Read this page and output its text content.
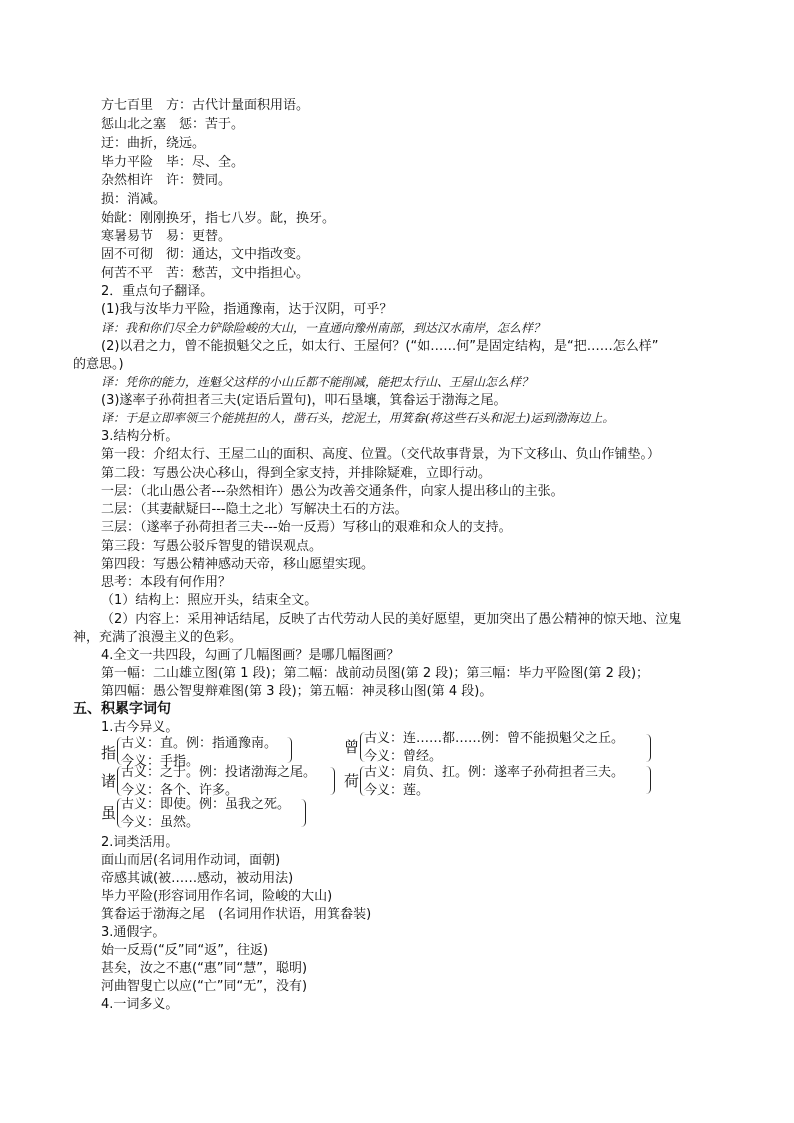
方七百里　方：古代计量面积用语。
惩山北之塞　惩：苦于。
迂：曲折，绕远。
毕力平险　毕：尽、全。
杂然相许　许：赞同。
损：消减。
始龀：刚刚换牙，指七八岁。龀，换牙。
寒暑易节　易：更替。
固不可彻　彻：通达，文中指改变。
何苦不平　苦：愁苦，文中指担心。
2．重点句子翻译。
(1)我与汝毕力平险，指通豫南，达于汉阴，可乎？
译：我和你们尽全力铲除险峻的大山，一直通向豫州南部，到达汉水南岸，怎么样？
(2)以君之力，曾不能损魁父之丘，如太行、王屋何？(“如……何”是固定结构，是“把……怎么样”
的意思。)
译：凭你的能力，连魁父这样的小山丘都不能削减，能把太行山、王屋山怎么样？
(3)遂率子孙荷担者三夫(定语后置句)，叩石垦壤，箕畚运于渤海之尾。
译：于是立即率领三个能挑担的人，凿石头，挖泥土，用箕畚(将这些石头和泥土)运到渤海边上。
3.结构分析。
第一段：介绍太行、王屋二山的面积、高度、位置。（交代故事背景，为下文移山、负山作铺垫。）
第二段：写愚公决心移山，得到全家支持，并排除疑难，立即行动。
一层：（北山愚公者---杂然相许）愚公为改善交通条件，向家人提出移山的主张。
二层：（其妻献疑曰---隐土之北）写解决土石的方法。
三层：（遂率子孙荷担者三夫---始一反焉）写移山的艰难和众人的支持。
第三段：写愚公驳斥智叟的错误观点。
第四段：写愚公精神感动天帝，移山愿望实现。
思考：本段有何作用？
（1）结构上：照应开头，结束全文。
（2）内容上：采用神话结尾，反映了古代劳动人民的美好愿望，更加突出了愚公精神的惊天地、泣鬼
神，充满了浪漫主义的色彩。
4.全文一共四段，勾画了几幅图画？是哪几幅图画？
第一幅：二山雄立图(第 1 段)；第二幅：战前动员图(第 2 段)；第三幅：毕力平险图(第 2 段)；
第四幅：愚公智叟辩难图(第 3 段)；第五幅：神灵移山图(第 4 段)。
五、积累字词句
1.古今异义。
指
古义：直。例：指通豫南。
今义：手指。
曾 古义：连……都……例：曾不能损魁父之丘。
今义：曾经。
诸 古义：之于。例：投诸渤海之尾。
今义：各个、许多。
荷 古义：肩负、扛。例：遂率子孙荷担者三夫。
今义：莲。
虽 古义：即使。例：虽我之死。
今义：虽然。
2.词类活用。
面山而居(名词用作动词，面朝)
帝感其诚(被……感动，被动用法)
毕力平险(形容词用作名词，险峻的大山)
箕畚运于渤海之尾　(名词用作状语，用箕畚装)
3.通假字。
始一反焉(“反”同“返”，往返)
甚矣，汝之不惠(“惠”同“慧”，聪明)
河曲智叟亡以应(“亡”同“无”，没有)
4.一词多义。
